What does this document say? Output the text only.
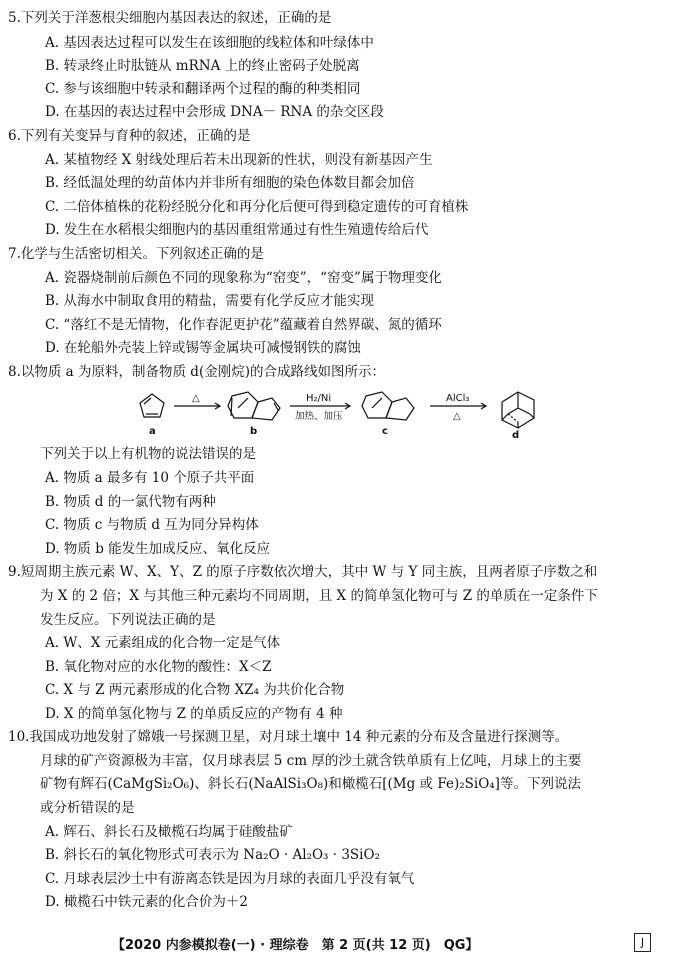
5.下列关于洋葱根尖细胞内基因表达的叙述，正确的是
A. 基因表达过程可以发生在该细胞的线粒体和叶绿体中
B. 转录终止时肽链从 mRNA 上的终止密码子处脱离
C. 参与该细胞中转录和翻译两个过程的酶的种类相同
D. 在基因的表达过程中会形成 DNA－ RNA 的杂交区段
6.下列有关变异与育种的叙述，正确的是
A. 某植物经 X 射线处理后若未出现新的性状，则没有新基因产生
B. 经低温处理的幼苗体内并非所有细胞的染色体数目都会加倍
C. 二倍体植株的花粉经脱分化和再分化后便可得到稳定遗传的可育植株
D. 发生在水稻根尖细胞内的基因重组常通过有性生殖遗传给后代
7.化学与生活密切相关。下列叙述正确的是
A. 瓷器烧制前后颜色不同的现象称为“窑变”，“窑变”属于物理变化
B. 从海水中制取食用的精盐，需要有化学反应才能实现
C. “落红不是无情物，化作春泥更护花”蕴藏着自然界碳、氮的循环
D. 在轮船外壳装上锌或锡等金属块可减慢钢铁的腐蚀
8.以物质 a 为原料，制备物质 d(金刚烷)的合成路线如图所示：
△	H₂/Ni
加热、加压
AlCl₃
△
a	b	c	d
下列关于以上有机物的说法错误的是
A. 物质 a 最多有 10 个原子共平面
B. 物质 d 的一氯代物有两种
C. 物质 c 与物质 d 互为同分异构体
D. 物质 b 能发生加成反应、氧化反应
9.短周期主族元素 W、X、Y、Z 的原子序数依次增大，其中 W 与 Y 同主族，且两者原子序数之和
为 X 的 2 倍；X 与其他三种元素均不同周期，且 X 的简单氢化物可与 Z 的单质在一定条件下
发生反应。下列说法正确的是
A. W、X 元素组成的化合物一定是气体
B. 氧化物对应的水化物的酸性：X＜Z
C. X 与 Z 两元素形成的化合物 XZ₄ 为共价化合物
D. X 的简单氢化物与 Z 的单质反应的产物有 4 种
10.我国成功地发射了嫦娥一号探测卫星，对月球土壤中 14 种元素的分布及含量进行探测等。
月球的矿产资源极为丰富，仅月球表层 5 cm 厚的沙土就含铁单质有上亿吨，月球上的主要
矿物有辉石(CaMgSi₂O₆)、斜长石(NaAlSi₃O₈)和橄榄石[(Mg 或 Fe)₂SiO₄]等。下列说法
或分析错误的是
A. 辉石、斜长石及橄榄石均属于硅酸盐矿
B. 斜长石的氧化物形式可表示为 Na₂O · Al₂O₃ · 3SiO₂
C. 月球表层沙土中有游离态铁是因为月球的表面几乎没有氧气
D. 橄榄石中铁元素的化合价为＋2
【2020 内参模拟卷(一) · 理综卷　第 2 页(共 12 页)　QG】	J
